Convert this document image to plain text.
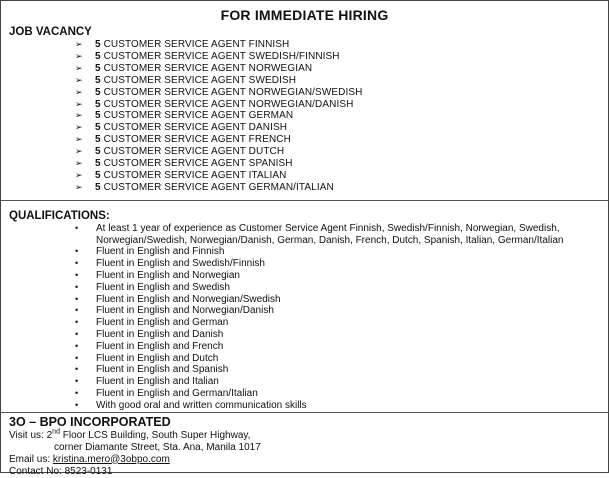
FOR IMMEDIATE HIRING
JOB VACANCY
➢	5 CUSTOMER SERVICE AGENT FINNISH
➢	5 CUSTOMER SERVICE AGENT SWEDISH/FINNISH
➢	5 CUSTOMER SERVICE AGENT NORWEGIAN
➢	5 CUSTOMER SERVICE AGENT SWEDISH
➢	5 CUSTOMER SERVICE AGENT NORWEGIAN/SWEDISH
➢	5 CUSTOMER SERVICE AGENT NORWEGIAN/DANISH
➢	5 CUSTOMER SERVICE AGENT GERMAN
➢	5 CUSTOMER SERVICE AGENT DANISH
➢	5 CUSTOMER SERVICE AGENT FRENCH
➢	5 CUSTOMER SERVICE AGENT DUTCH
➢	5 CUSTOMER SERVICE AGENT SPANISH
➢	5 CUSTOMER SERVICE AGENT ITALIAN
➢	5 CUSTOMER SERVICE AGENT GERMAN/ITALIAN
QUALIFICATIONS:
• At least 1 year of experience as Customer Service Agent Finnish, Swedish/Finnish, Norwegian, Swedish, Norwegian/Swedish, Norwegian/Danish, German, Danish, French, Dutch, Spanish, Italian, German/Italian
• Fluent in English and Finnish
• Fluent in English and Swedish/Finnish
• Fluent in English and Norwegian
• Fluent in English and Swedish
• Fluent in English and Norwegian/Swedish
• Fluent in English and Norwegian/Danish
• Fluent in English and German
• Fluent in English and Danish
• Fluent in English and French
• Fluent in English and Dutch
• Fluent in English and Spanish
• Fluent in English and Italian
• Fluent in English and German/Italian
• With good oral and written communication skills
3O – BPO INCORPORATED
Visit us: 2nd Floor LCS Building, South Super Highway,
corner Diamante Street, Sta. Ana, Manila 1017
Email us: kristina.mero@3obpo.com
Contact No: 8523-0131
